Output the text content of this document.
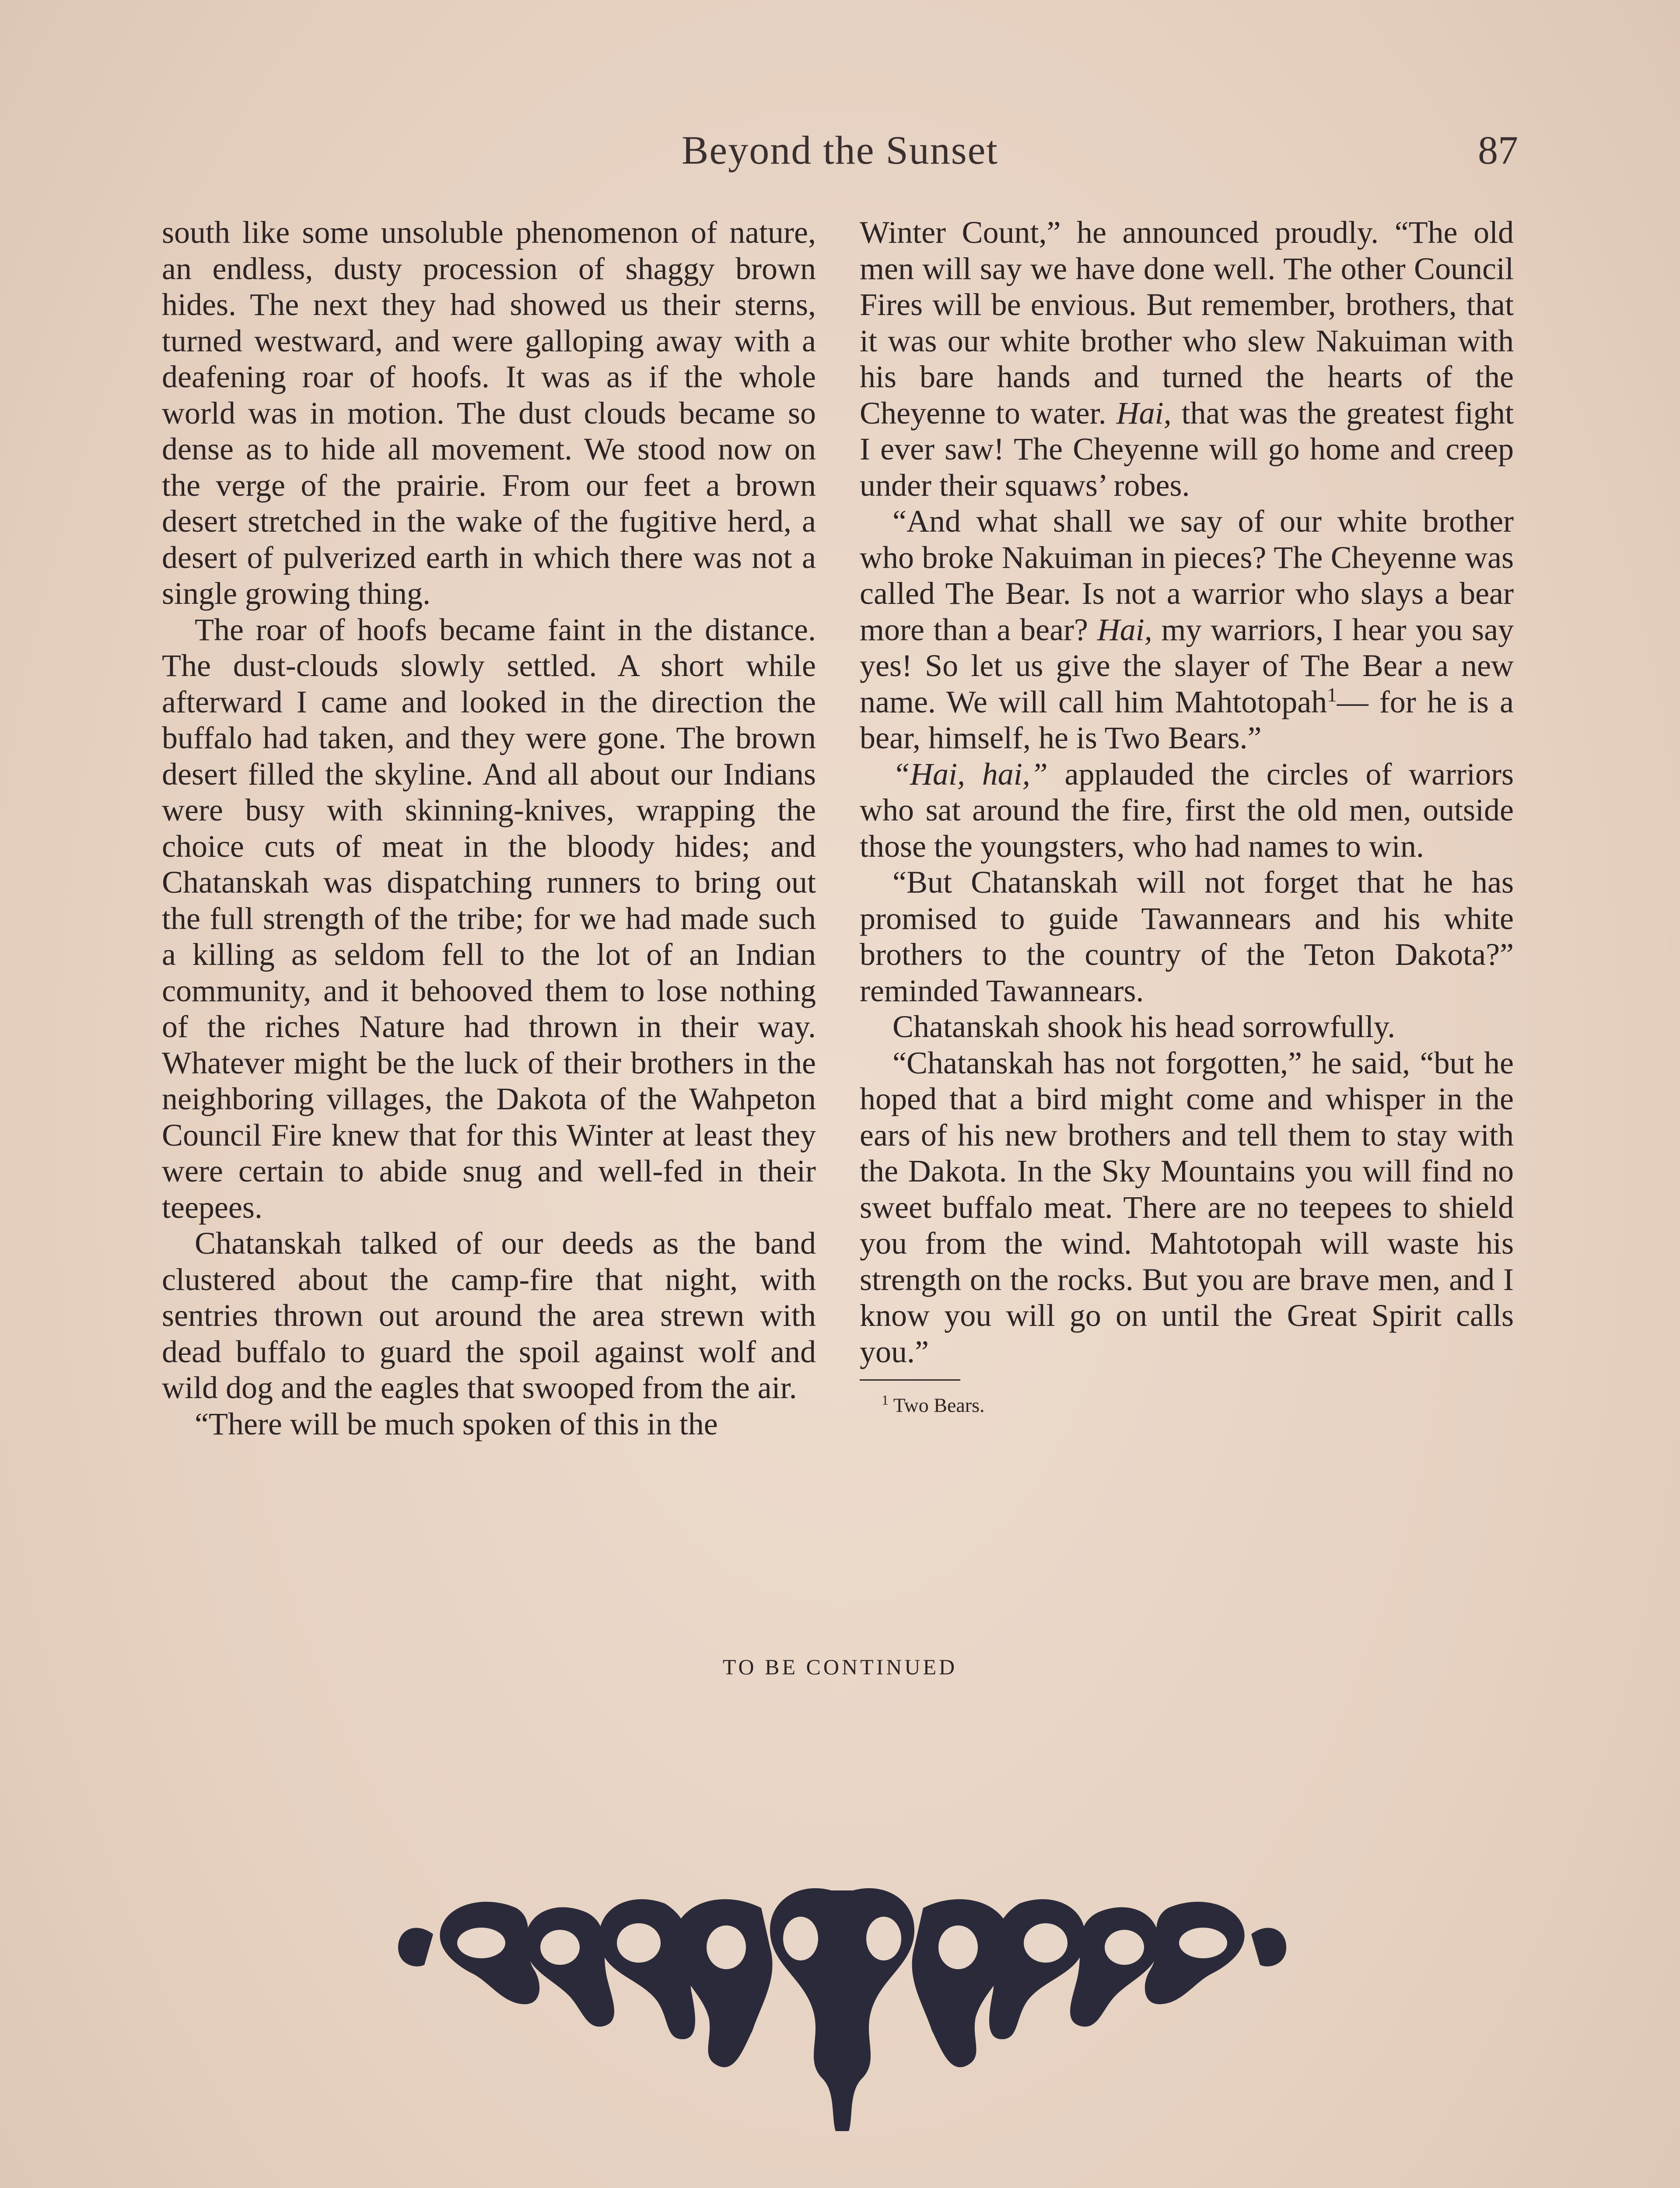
Beyond the Sunset	87

south like some unsoluble phenomenon of nature, an endless, dusty procession of shaggy brown hides. The next they had showed us their sterns, turned westward, and were galloping away with a deafening roar of hoofs. It was as if the whole world was in motion. The dust clouds became so dense as to hide all movement. We stood now on the verge of the prairie. From our feet a brown desert stretched in the wake of the fugitive herd, a desert of pulverized earth in which there was not a single growing thing.

The roar of hoofs became faint in the distance. The dust-clouds slowly settled. A short while afterward I came and looked in the direction the buffalo had taken, and they were gone. The brown desert filled the skyline. And all about our Indians were busy with skinning-knives, wrapping the choice cuts of meat in the bloody hides; and Chatanskah was dispatching runners to bring out the full strength of the tribe; for we had made such a killing as seldom fell to the lot of an Indian community, and it behooved them to lose nothing of the riches Nature had thrown in their way. Whatever might be the luck of their brothers in the neighboring villages, the Dakota of the Wahpeton Council Fire knew that for this Winter at least they were certain to abide snug and well-fed in their teepees.

Chatanskah talked of our deeds as the band clustered about the camp-fire that night, with sentries thrown out around the area strewn with dead buffalo to guard the spoil against wolf and wild dog and the eagles that swooped from the air.

“There will be much spoken of this in the

Winter Count,” he announced proudly. “The old men will say we have done well. The other Council Fires will be envious. But remember, brothers, that it was our white brother who slew Nakuiman with his bare hands and turned the hearts of the Cheyenne to water. Hai, that was the greatest fight I ever saw! The Cheyenne will go home and creep under their squaws’ robes.

“And what shall we say of our white brother who broke Nakuiman in pieces? The Cheyenne was called The Bear. Is not a warrior who slays a bear more than a bear? Hai, my warriors, I hear you say yes! So let us give the slayer of The Bear a new name. We will call him Mahtotopah$^1$— for he is a bear, himself, he is Two Bears.”

“Hai, hai,” applauded the circles of warriors who sat around the fire, first the old men, outside those the youngsters, who had names to win.

“But Chatanskah will not forget that he has promised to guide Tawannears and his white brothers to the country of the Teton Dakota?” reminded Tawannears.

Chatanskah shook his head sorrowfully.

“Chatanskah has not forgotten,” he said, “but he hoped that a bird might come and whisper in the ears of his new brothers and tell them to stay with the Dakota. In the Sky Mountains you will find no sweet buffalo meat. There are no teepees to shield you from the wind. Mahtotopah will waste his strength on the rocks. But you are brave men, and I know you will go on until the Great Spirit calls you.”

$^1$ Two Bears.
TO BE CONTINUED
